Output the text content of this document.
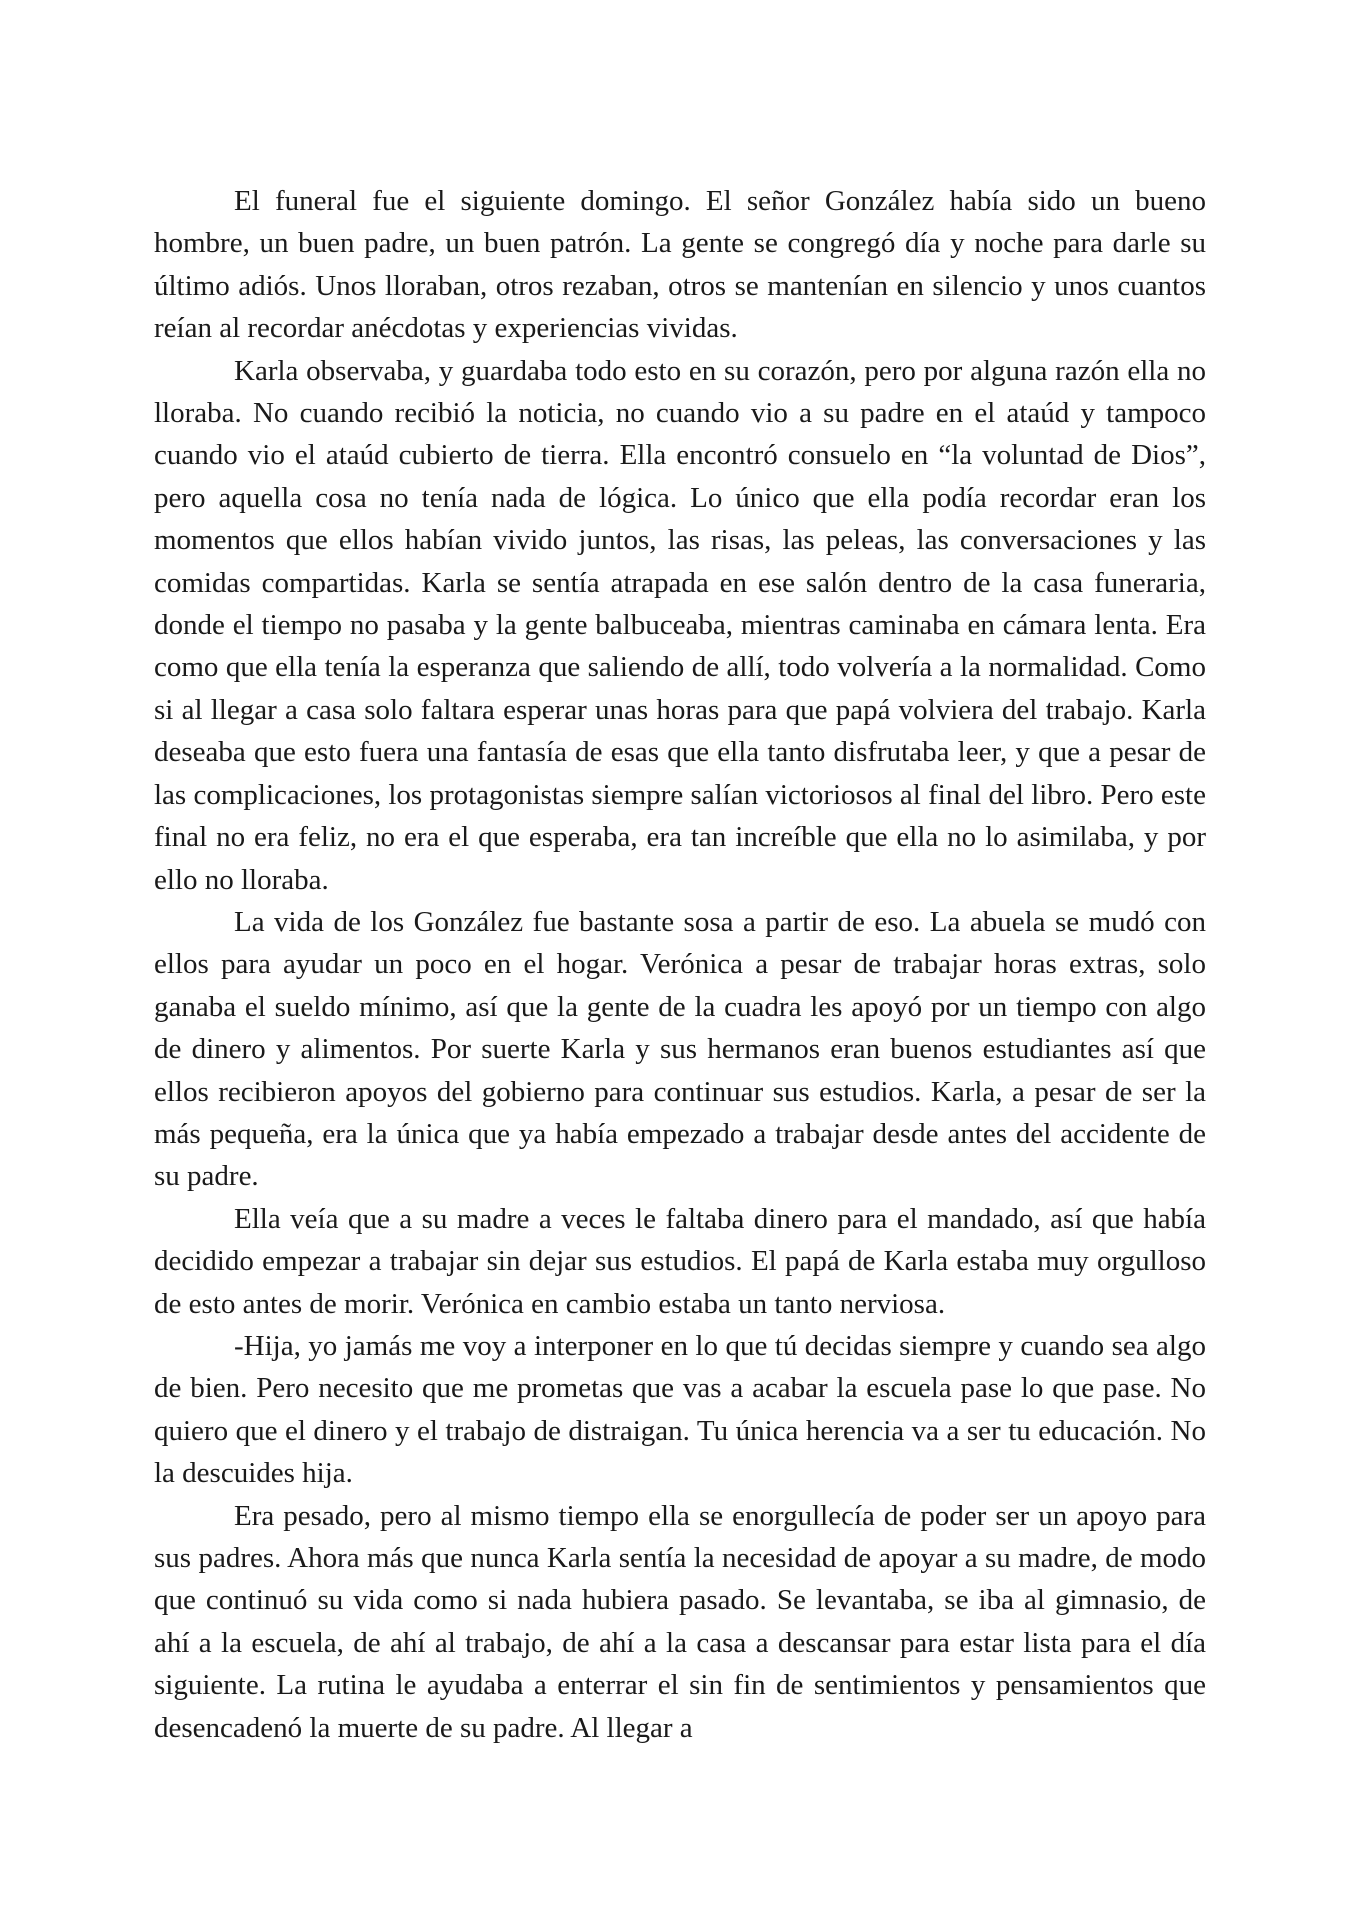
El funeral fue el siguiente domingo. El señor González había sido un bueno hombre, un buen padre, un buen patrón. La gente se congregó día y noche para darle su último adiós. Unos lloraban, otros rezaban, otros se mantenían en silencio y unos cuantos reían al recordar anécdotas y experiencias vividas.

Karla observaba, y guardaba todo esto en su corazón, pero por alguna razón ella no lloraba. No cuando recibió la noticia, no cuando vio a su padre en el ataúd y tampoco cuando vio el ataúd cubierto de tierra. Ella encontró consuelo en “la voluntad de Dios”, pero aquella cosa no tenía nada de lógica. Lo único que ella podía recordar eran los momentos que ellos habían vivido juntos, las risas, las peleas, las conversaciones y las comidas compartidas. Karla se sentía atrapada en ese salón dentro de la casa funeraria, donde el tiempo no pasaba y la gente balbuceaba, mientras caminaba en cámara lenta. Era como que ella tenía la esperanza que saliendo de allí, todo volvería a la normalidad. Como si al llegar a casa solo faltara esperar unas horas para que papá volviera del trabajo. Karla deseaba que esto fuera una fantasía de esas que ella tanto disfrutaba leer, y que a pesar de las complicaciones, los protagonistas siempre salían victoriosos al final del libro. Pero este final no era feliz, no era el que esperaba, era tan increíble que ella no lo asimilaba, y por ello no lloraba.

La vida de los González fue bastante sosa a partir de eso. La abuela se mudó con ellos para ayudar un poco en el hogar. Verónica a pesar de trabajar horas extras, solo ganaba el sueldo mínimo, así que la gente de la cuadra les apoyó por un tiempo con algo de dinero y alimentos. Por suerte Karla y sus hermanos eran buenos estudiantes así que ellos recibieron apoyos del gobierno para continuar sus estudios. Karla, a pesar de ser la más pequeña, era la única que ya había empezado a trabajar desde antes del accidente de su padre.

Ella veía que a su madre a veces le faltaba dinero para el mandado, así que había decidido empezar a trabajar sin dejar sus estudios. El papá de Karla estaba muy orgulloso de esto antes de morir. Verónica en cambio estaba un tanto nerviosa.

-Hija, yo jamás me voy a interponer en lo que tú decidas siempre y cuando sea algo de bien. Pero necesito que me prometas que vas a acabar la escuela pase lo que pase. No quiero que el dinero y el trabajo de distraigan. Tu única herencia va a ser tu educación. No la descuides hija.

Era pesado, pero al mismo tiempo ella se enorgullecía de poder ser un apoyo para sus padres. Ahora más que nunca Karla sentía la necesidad de apoyar a su madre, de modo que continuó su vida como si nada hubiera pasado. Se levantaba, se iba al gimnasio, de ahí a la escuela, de ahí al trabajo, de ahí a la casa a descansar para estar lista para el día siguiente. La rutina le ayudaba a enterrar el sin fin de sentimientos y pensamientos que desencadenó la muerte de su padre. Al llegar a
